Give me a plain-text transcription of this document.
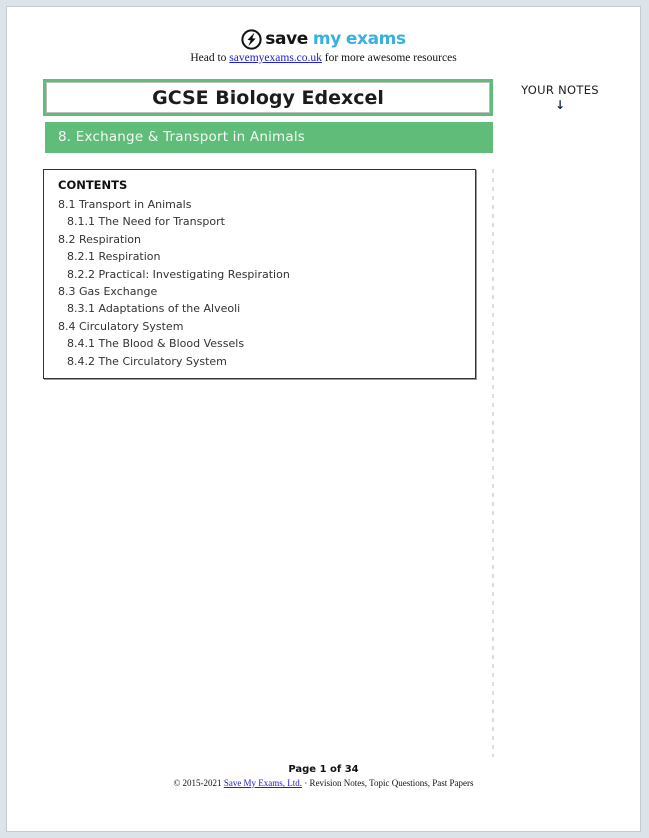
save my exams
Head to savemyexams.co.uk for more awesome resources
GCSE Biology Edexcel
8. Exchange & Transport in Animals
YOUR NOTES
↓
CONTENTS
8.1 Transport in Animals
8.1.1 The Need for Transport
8.2 Respiration
8.2.1 Respiration
8.2.2 Practical: Investigating Respiration
8.3 Gas Exchange
8.3.1 Adaptations of the Alveoli
8.4 Circulatory System
8.4.1 The Blood & Blood Vessels
8.4.2 The Circulatory System
Page 1 of 34
© 2015-2021 Save My Exams, Ltd. · Revision Notes, Topic Questions, Past Papers
